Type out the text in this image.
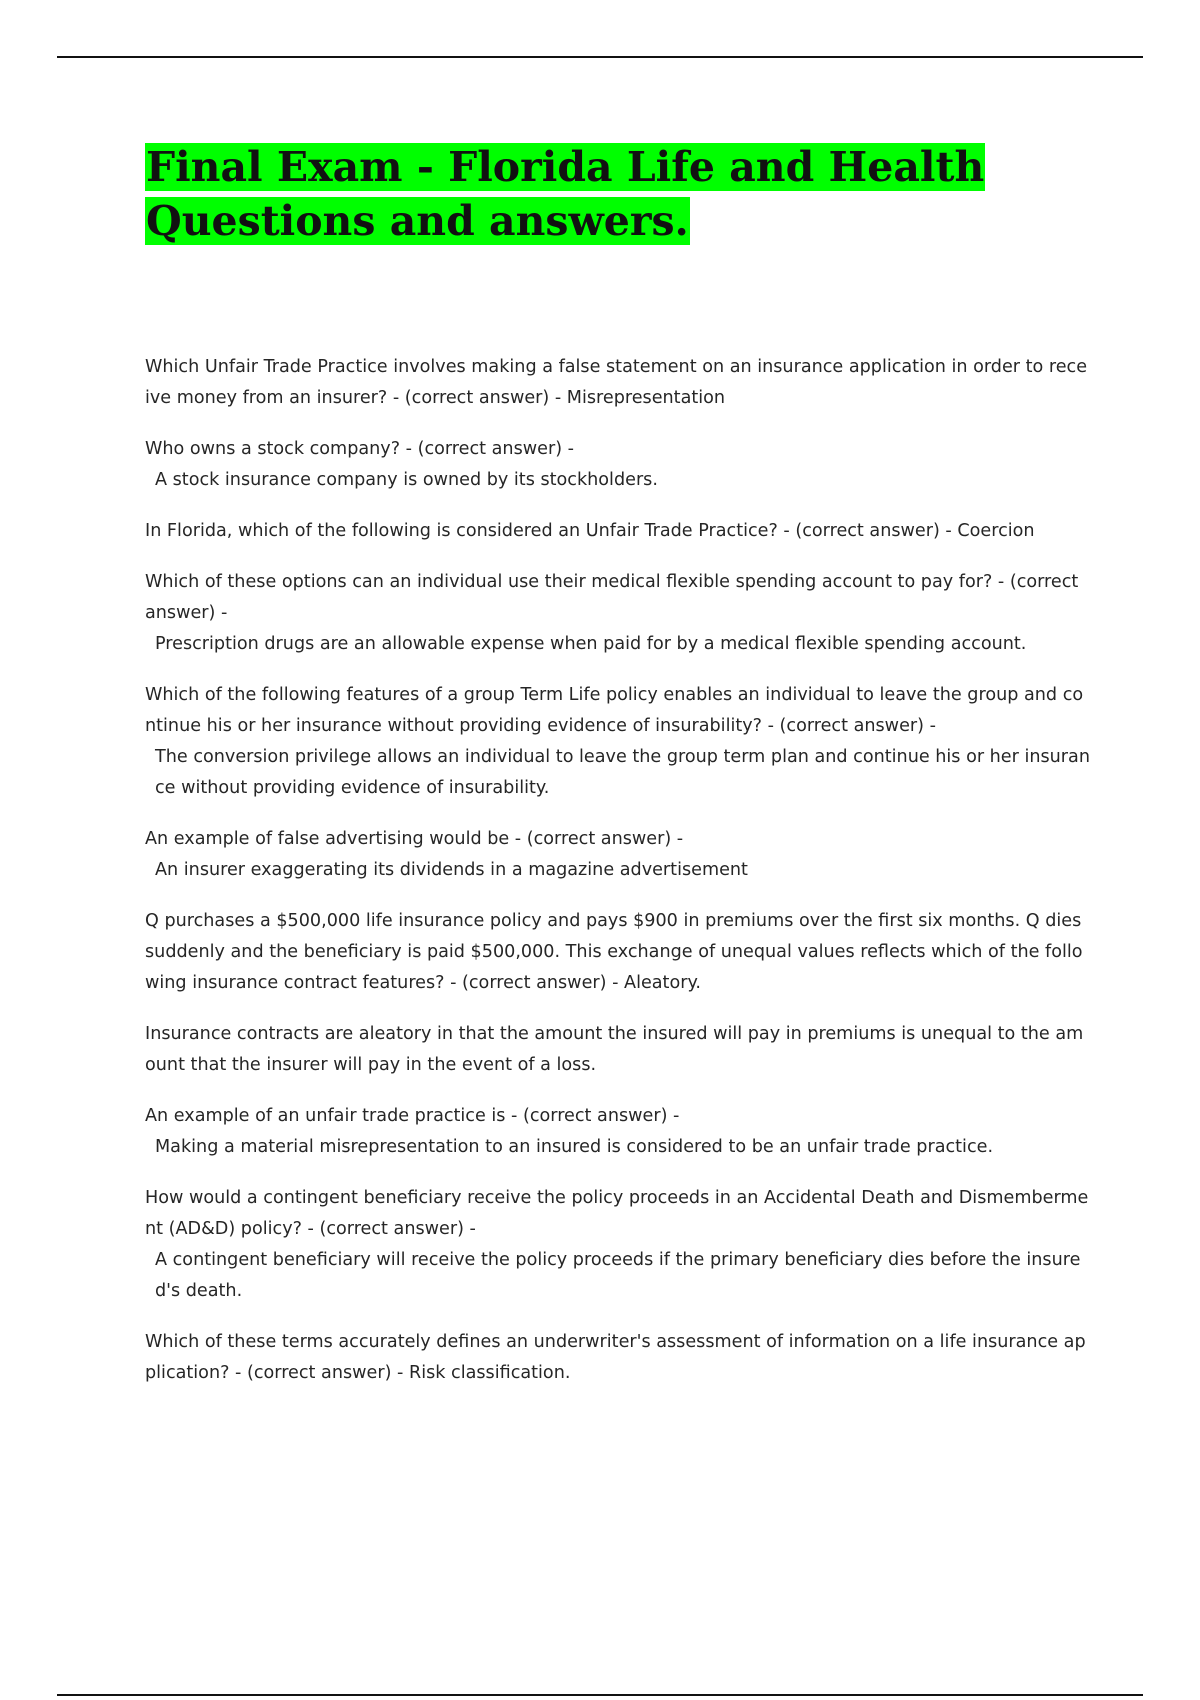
Final Exam - Florida Life and Health
Questions and answers.

Which Unfair Trade Practice involves making a false statement on an insurance application in order to receive money from an insurer? - (correct answer) - Misrepresentation

Who owns a stock company? - (correct answer) -
A stock insurance company is owned by its stockholders.

In Florida, which of the following is considered an Unfair Trade Practice? - (correct answer) - Coercion

Which of these options can an individual use their medical flexible spending account to pay for? - (correct answer) -
Prescription drugs are an allowable expense when paid for by a medical flexible spending account.

Which of the following features of a group Term Life policy enables an individual to leave the group and continue his or her insurance without providing evidence of insurability? - (correct answer) -
The conversion privilege allows an individual to leave the group term plan and continue his or her insurance without providing evidence of insurability.

An example of false advertising would be - (correct answer) -
An insurer exaggerating its dividends in a magazine advertisement

Q purchases a $500,000 life insurance policy and pays $900 in premiums over the first six months. Q dies suddenly and the beneficiary is paid $500,000. This exchange of unequal values reflects which of the following insurance contract features? - (correct answer) - Aleatory.

Insurance contracts are aleatory in that the amount the insured will pay in premiums is unequal to the amount that the insurer will pay in the event of a loss.

An example of an unfair trade practice is - (correct answer) -
Making a material misrepresentation to an insured is considered to be an unfair trade practice.

How would a contingent beneficiary receive the policy proceeds in an Accidental Death and Dismemberment (AD&D) policy? - (correct answer) -
A contingent beneficiary will receive the policy proceeds if the primary beneficiary dies before the insured's death.

Which of these terms accurately defines an underwriter's assessment of information on a life insurance application? - (correct answer) - Risk classification.
